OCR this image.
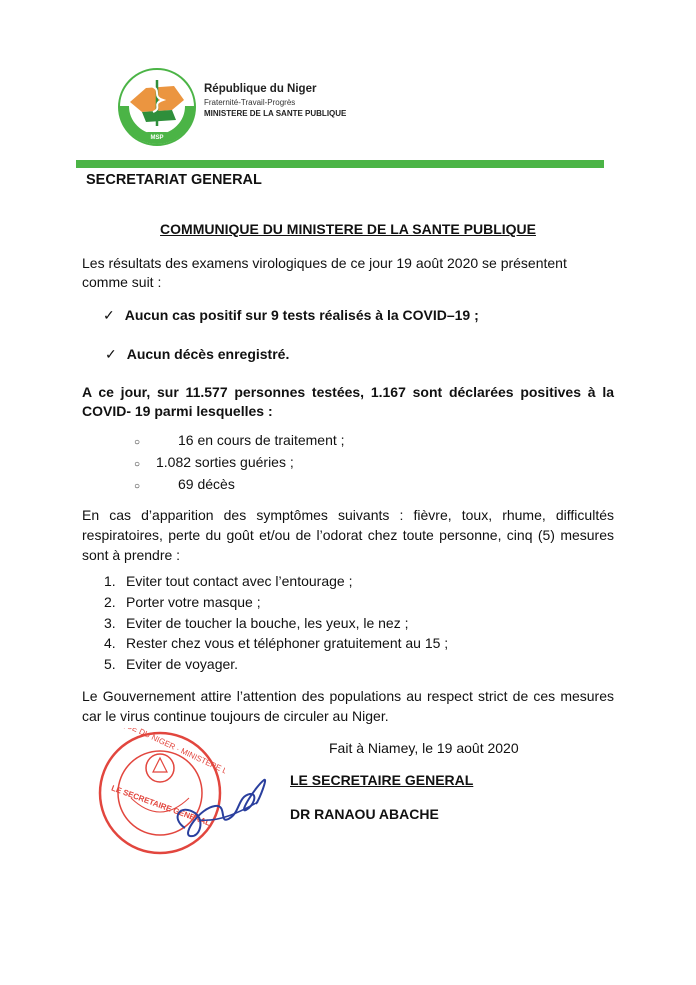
MSP
République du Niger
Fraternité-Travail-Progrès
MINISTERE DE LA SANTE PUBLIQUE
SECRETARIAT GENERAL
COMMUNIQUE DU MINISTERE DE LA SANTE PUBLIQUE
Les résultats des examens virologiques de ce jour 19 août 2020 se présentent comme suit :
✓ Aucun cas positif sur 9 tests réalisés à la COVID–19 ;
✓ Aucun décès enregistré.
A ce jour, sur 11.577 personnes testées, 1.167 sont déclarées positives à la COVID- 19 parmi lesquelles :
○	16 en cours de traitement ;
○ 1.082 sorties guéries ;
○	69 décès
En cas d’apparition des symptômes suivants : fièvre, toux, rhume, difficultés respiratoires, perte du goût et/ou de l’odorat chez toute personne, cinq (5) mesures sont à prendre :
1. Eviter tout contact avec l’entourage ;
2. Porter votre masque ;
3. Eviter de toucher la bouche, les yeux, le nez ;
4. Rester chez vous et téléphoner gratuitement au 15 ;
5. Eviter de voyager.
Le Gouvernement attire l’attention des populations au respect strict de ces mesures car le virus continue toujours de circuler au Niger.
LE SECRETAIRE GENERAL
DU NIGER · MINISTERE DE
Fait à Niamey, le 19 août 2020
LE SECRETAIRE GENERAL
DR RANAOU ABACHE
